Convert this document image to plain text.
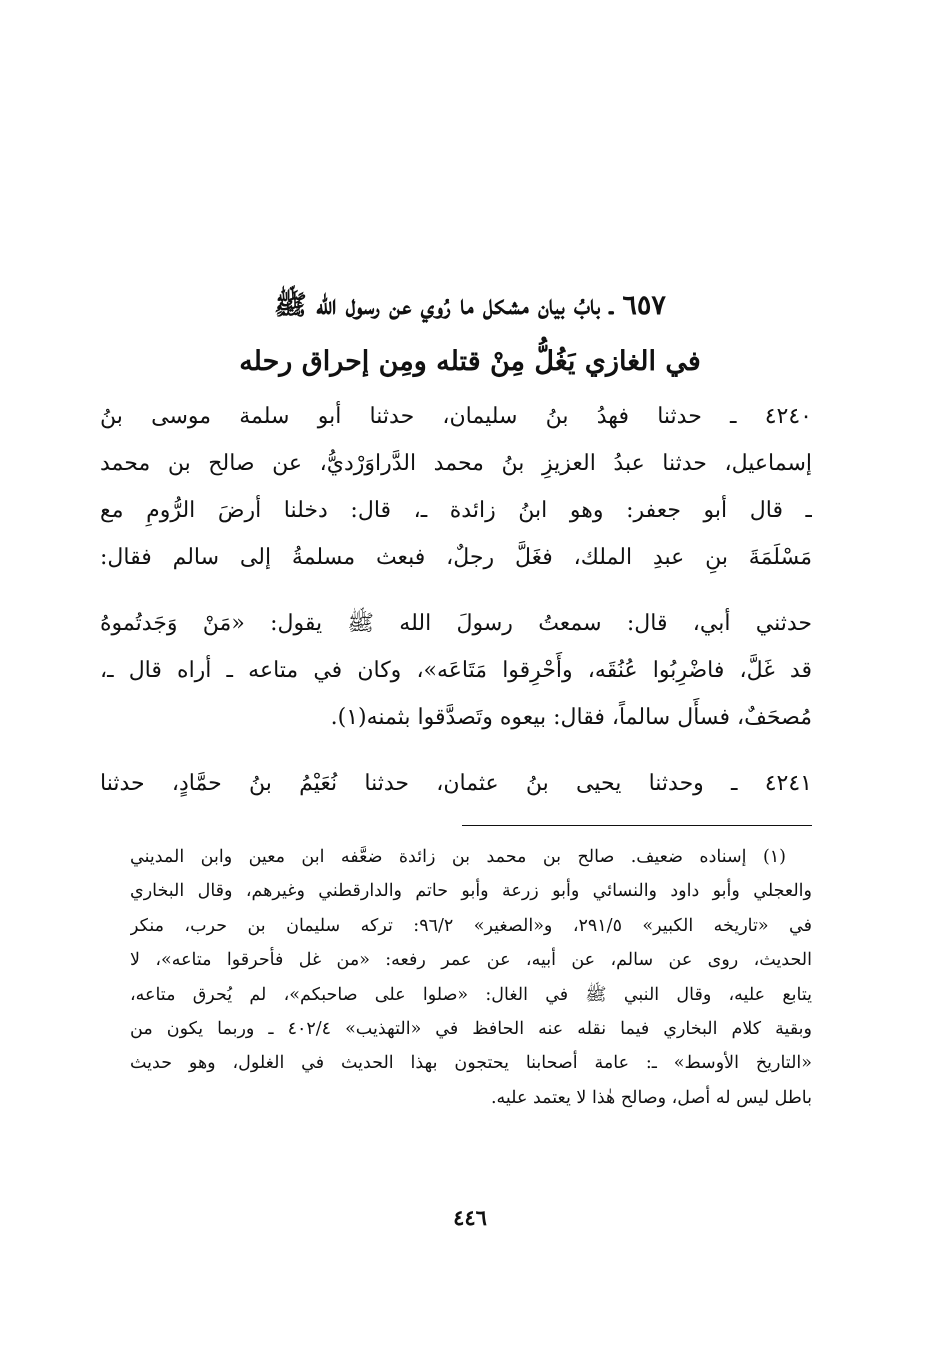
٦٥٧ ـ بابُ بيان مشكل ما رُوي عن رسول الله ﷺ
في الغازي يَغُلُّ مِنْ قتله ومِن إحراق رحله
٤٢٤٠ ـ حدثنا فهدُ بنُ سليمان، حدثنا أبو سلمة موسى بنُ
إسماعيل، حدثنا عبدُ العزيزِ بنُ محمد الدَّراوَرْديُّ، عن صالح بن محمد
ـ قال أبو جعفر: وهو ابنُ زائدة ـ، قال: دخلنا أرضَ الرُّومِ مع
مَسْلَمَةَ بنِ عبدِ الملك، فغَلَّ رجلٌ، فبعث مسلمةُ إلى سالم فقال:
حدثني أبي، قال: سمعتُ رسولَ الله ﷺ يقول: «مَنْ وَجَدتُموهُ
قد غَلَّ، فاضْرِبُوا عُنُقَه، وأَحْرِقوا مَتَاعَه»، وكان في متاعه ـ أراه قال ـ،
مُصحَفٌ، فسأَل سالماً، فقال: بيعوه وتَصدَّقوا بثمنه(١).
٤٢٤١ ـ وحدثنا يحيى بنُ عثمان، حدثنا نُعَيْمُ بنُ حمَّادٍ، حدثنا
(١) إسناده ضعيف. صالح بن محمد بن زائدة ضعَّفه ابن معين وابن المديني
والعجلي وأبو داود والنسائي وأبو زرعة وأبو حاتم والدارقطني وغيرهم، وقال البخاري
في «تاريخه الكبير» ٢٩١/٥، و«الصغير» ٩٦/٢: تركه سليمان بن حرب، منكر
الحديث، روى عن سالم، عن أبيه، عن عمر رفعه: «من غل فأحرقوا متاعه»، لا
يتابع عليه، وقال النبي ﷺ في الغال: «صلوا على صاحبكم»، لم يُحرق متاعه،
وبقية كلام البخاري فيما نقله عنه الحافظ في «التهذيب» ٤٠٢/٤ ـ وربما يكون من
«التاريخ الأوسط» ـ: عامة أصحابنا يحتجون بهذا الحديث في الغلول، وهو حديث
باطل ليس له أصل، وصالح هٰذا لا يعتمد عليه.
٤٤٦
